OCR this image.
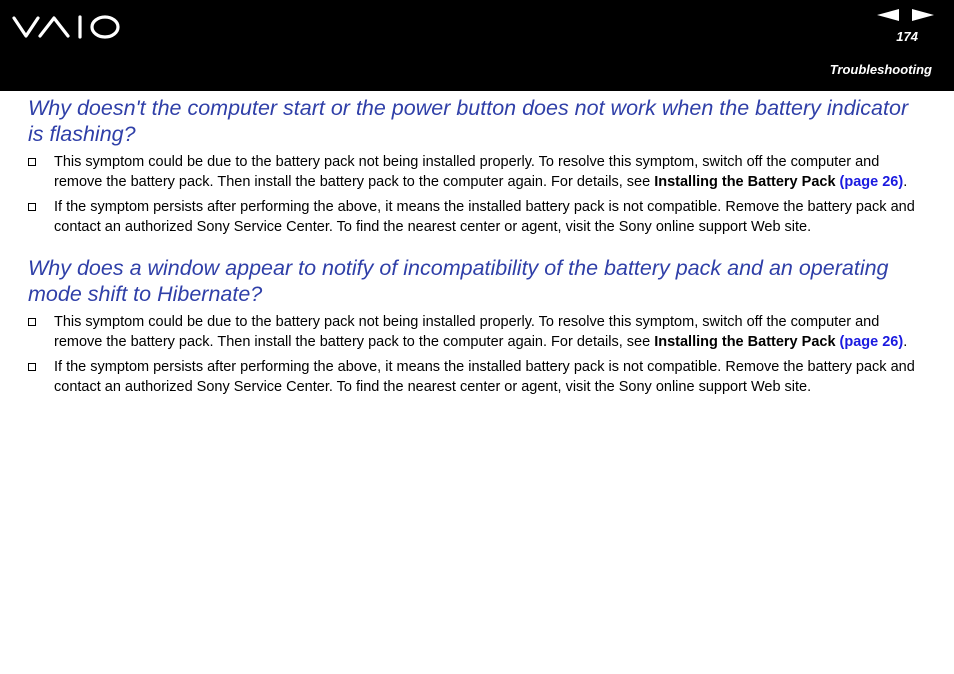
174
Troubleshooting
Why doesn't the computer start or the power button does not work when the battery indicator is flashing?
This symptom could be due to the battery pack not being installed properly. To resolve this symptom, switch off the computer and remove the battery pack. Then install the battery pack to the computer again. For details, see Installing the Battery Pack (page 26).
If the symptom persists after performing the above, it means the installed battery pack is not compatible. Remove the battery pack and contact an authorized Sony Service Center. To find the nearest center or agent, visit the Sony online support Web site.
Why does a window appear to notify of incompatibility of the battery pack and an operating mode shift to Hibernate?
This symptom could be due to the battery pack not being installed properly. To resolve this symptom, switch off the computer and remove the battery pack. Then install the battery pack to the computer again. For details, see Installing the Battery Pack (page 26).
If the symptom persists after performing the above, it means the installed battery pack is not compatible. Remove the battery pack and contact an authorized Sony Service Center. To find the nearest center or agent, visit the Sony online support Web site.
